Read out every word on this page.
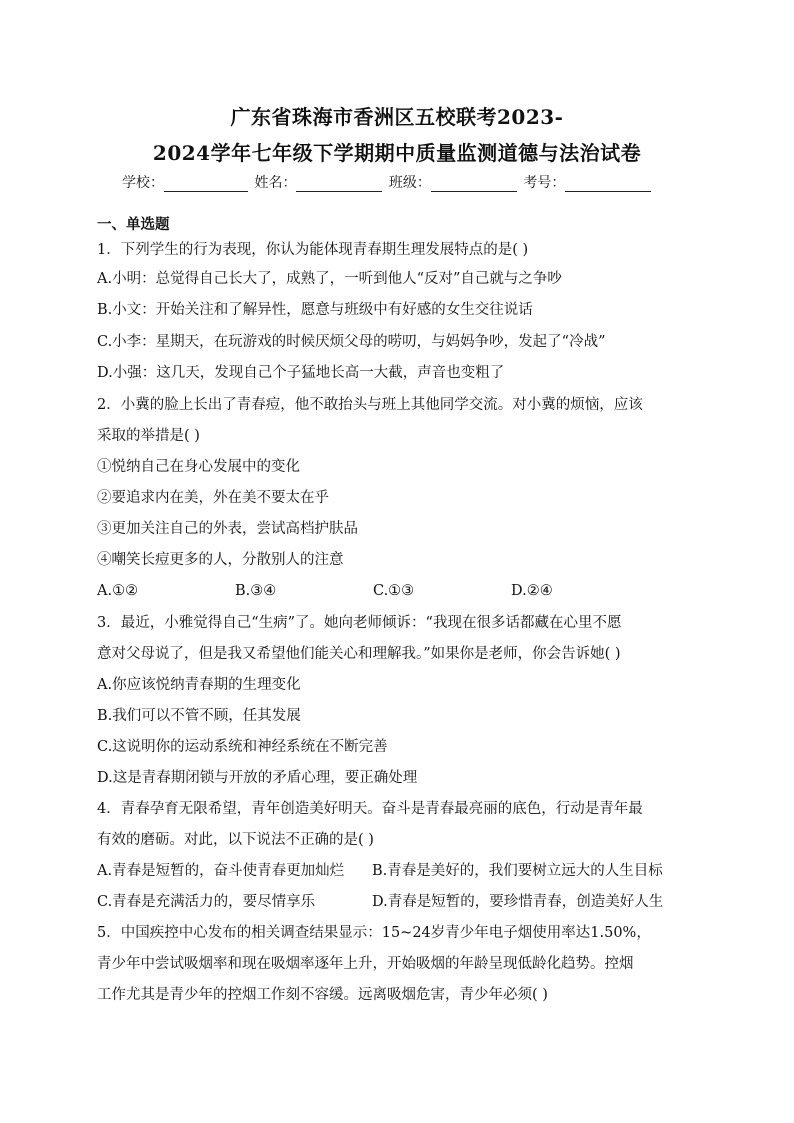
广东省珠海市香洲区五校联考2023-
2024学年七年级下学期期中质量监测道德与法治试卷
学校：	姓名：	班级：	考号：
一、单选题
1．下列学生的行为表现，你认为能体现青春期生理发展特点的是( )
A.小明：总觉得自己长大了，成熟了，一听到他人“反对”自己就与之争吵
B.小文：开始关注和了解异性，愿意与班级中有好感的女生交往说话
C.小李：星期天，在玩游戏的时候厌烦父母的唠叨，与妈妈争吵，发起了“冷战”
D.小强：这几天，发现自己个子猛地长高一大截，声音也变粗了
2．小冀的脸上长出了青春痘，他不敢抬头与班上其他同学交流。对小冀的烦恼，应该
采取的举措是( )
①悦纳自己在身心发展中的变化
②要追求内在美，外在美不要太在乎
③更加关注自己的外表，尝试高档护肤品
④嘲笑长痘更多的人，分散别人的注意
A.①②	B.③④	C.①③	D.②④
3．最近，小雅觉得自己“生病”了。她向老师倾诉：“我现在很多话都藏在心里不愿
意对父母说了，但是我又希望他们能关心和理解我。”如果你是老师，你会告诉她( )
A.你应该悦纳青春期的生理变化
B.我们可以不管不顾，任其发展
C.这说明你的运动系统和神经系统在不断完善
D.这是青春期闭锁与开放的矛盾心理，要正确处理
4．青春孕育无限希望，青年创造美好明天。奋斗是青春最亮丽的底色，行动是青年最
有效的磨砺。对此，以下说法不正确的是( )
A.青春是短暂的，奋斗使青春更加灿烂 B.青春是美好的，我们要树立远大的人生目标
C.青春是充满活力的，要尽情享乐	D.青春是短暂的，要珍惜青春，创造美好人生
5．中国疾控中心发布的相关调查结果显示：15~24岁青少年电子烟使用率达1.50%，
青少年中尝试吸烟率和现在吸烟率逐年上升，开始吸烟的年龄呈现低龄化趋势。控烟
工作尤其是青少年的控烟工作刻不容缓。远离吸烟危害，青少年必须( )
